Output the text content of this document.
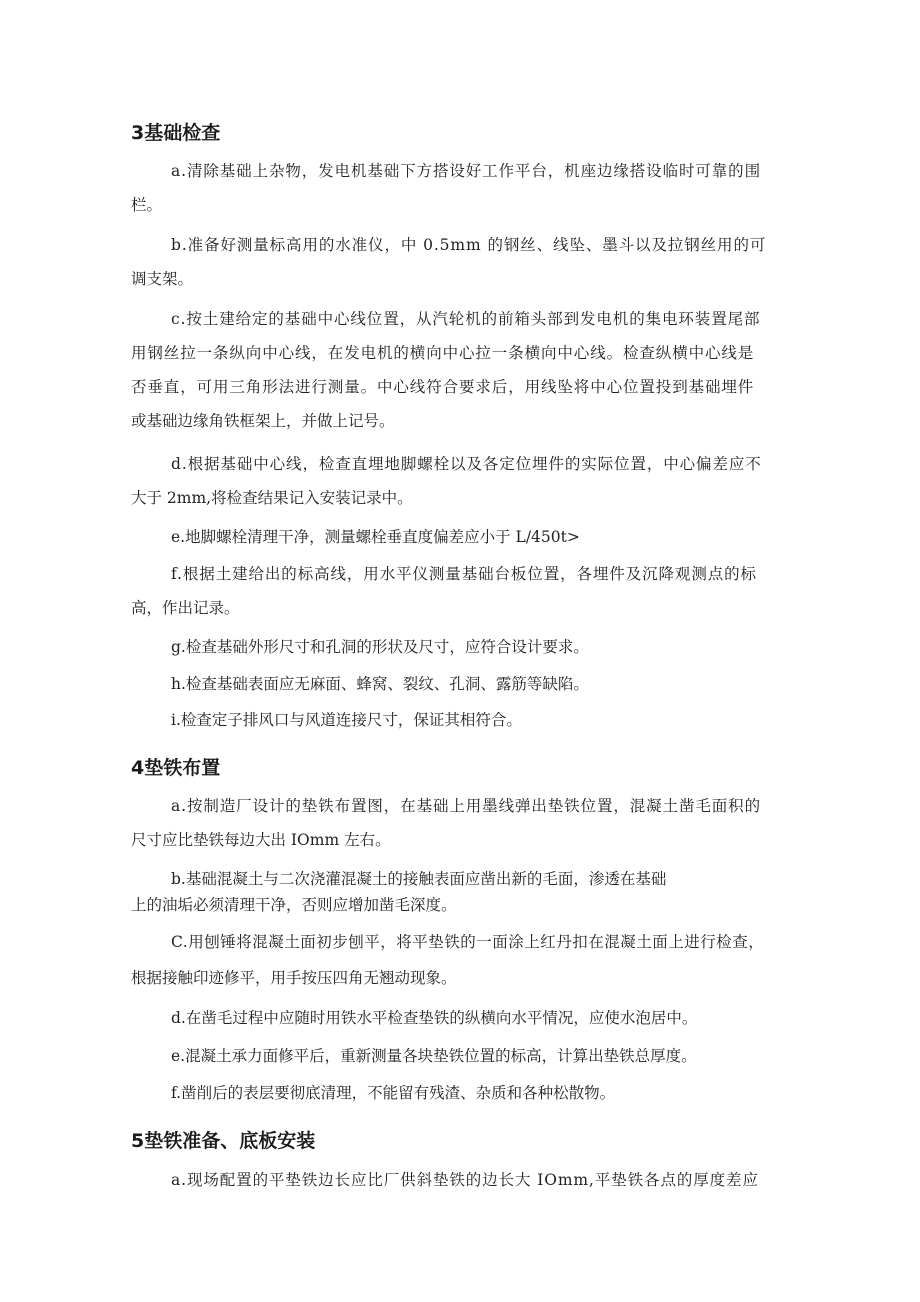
3基础检查
a.清除基础上杂物，发电机基础下方搭设好工作平台，机座边缘搭设临时可靠的围
栏。
b.准备好测量标高用的水准仪，中 0.5mm 的钢丝、线坠、墨斗以及拉钢丝用的可
调支架。
c.按土建给定的基础中心线位置，从汽轮机的前箱头部到发电机的集电环装置尾部
用钢丝拉一条纵向中心线，在发电机的横向中心拉一条横向中心线。检查纵横中心线是
否垂直，可用三角形法进行测量。中心线符合要求后，用线坠将中心位置投到基础埋件
或基础边缘角铁框架上，并做上记号。
d.根据基础中心线，检查直埋地脚螺栓以及各定位埋件的实际位置，中心偏差应不
大于 2mm,将检查结果记入安装记录中。
e.地脚螺栓清理干净，测量螺栓垂直度偏差应小于 L/450t>
f.根据土建给出的标高线，用水平仪测量基础台板位置，各埋件及沉降观测点的标
高，作出记录。
g.检查基础外形尺寸和孔洞的形状及尺寸，应符合设计要求。
h.检查基础表面应无麻面、蜂窝、裂纹、孔洞、露筋等缺陷。
i.检查定子排风口与风道连接尺寸，保证其相符合。
4垫铁布置
a.按制造厂设计的垫铁布置图，在基础上用墨线弹出垫铁位置，混凝土凿毛面积的
尺寸应比垫铁每边大出 IOmm 左右。
b.基础混凝土与二次浇灌混凝土的接触表面应凿出新的毛面，渗透在基础
上的油垢必须清理干净，否则应增加凿毛深度。
C.用刨锤将混凝土面初步刨平，将平垫铁的一面涂上红丹扣在混凝土面上进行检查，
根据接触印迹修平，用手按压四角无翘动现象。
d.在凿毛过程中应随时用铁水平检查垫铁的纵横向水平情况，应使水泡居中。
e.混凝土承力面修平后，重新测量各块垫铁位置的标高，计算出垫铁总厚度。
f.凿削后的表层要彻底清理，不能留有残渣、杂质和各种松散物。
5垫铁准备、底板安装
a.现场配置的平垫铁边长应比厂供斜垫铁的边长大 IOmm,平垫铁各点的厚度差应
